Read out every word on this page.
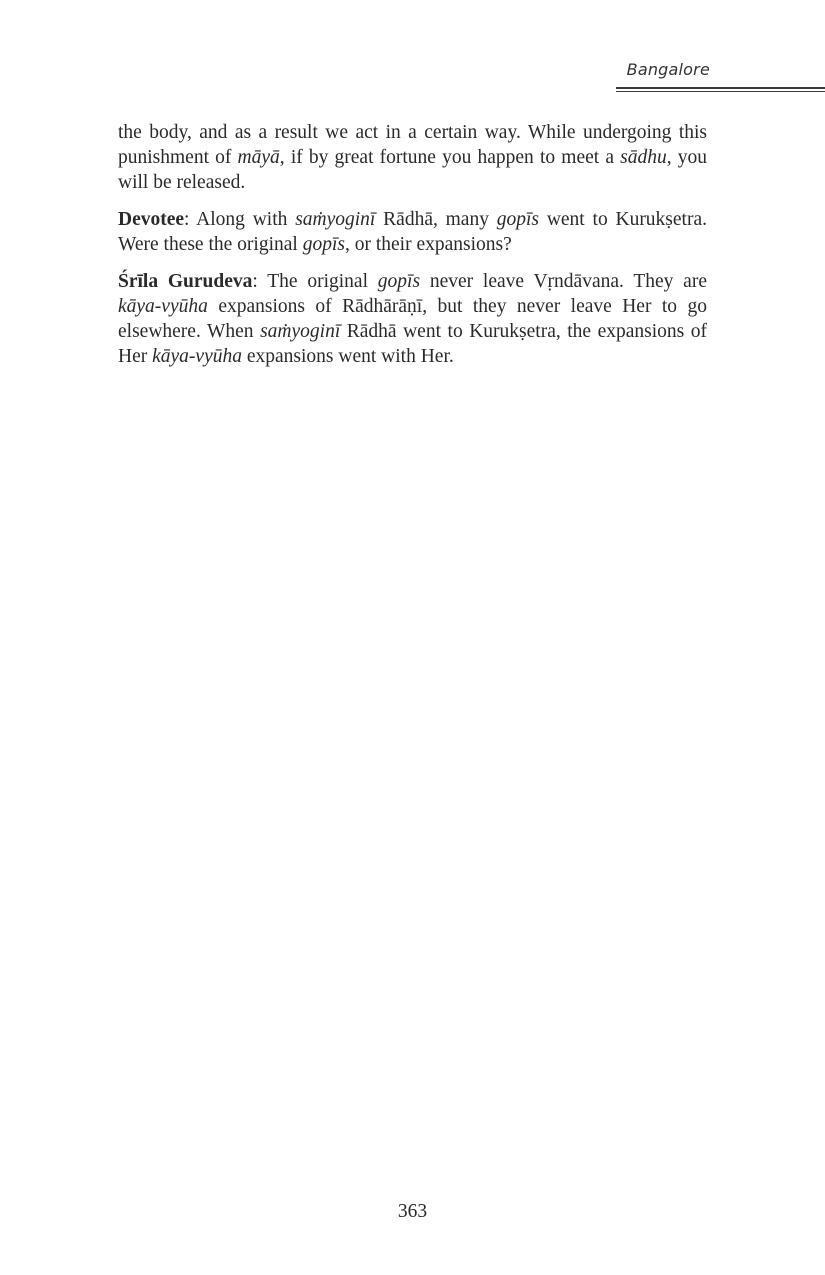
Bangalore

the body, and as a result we act in a certain way. While undergoing this punishment of māyā, if by great fortune you happen to meet a sādhu, you will be released.

Devotee: Along with saṁyoginī Rādhā, many gopīs went to Kurukṣetra. Were these the original gopīs, or their expansions?

Śrīla Gurudeva: The original gopīs never leave Vṛndāvana. They are kāya-vyūha expansions of Rādhārāṇī, but they never leave Her to go elsewhere. When saṁyoginī Rādhā went to Kurukṣetra, the expansions of Her kāya-vyūha expansions went with Her.

363
